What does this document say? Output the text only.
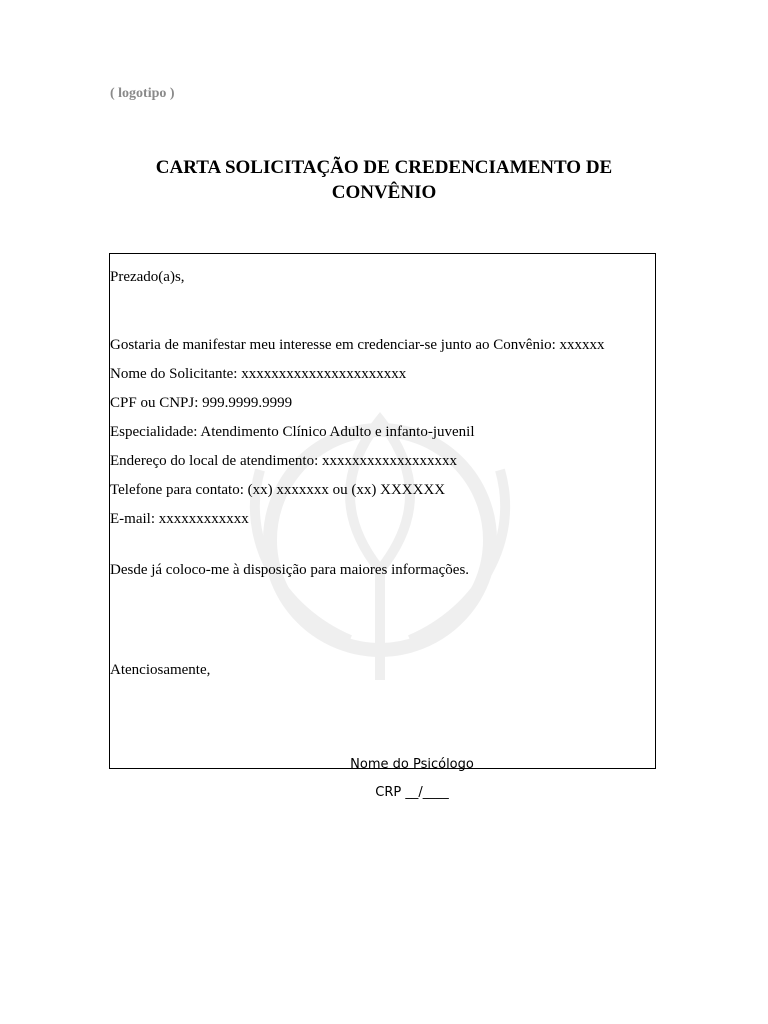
( logotipo )
CARTA SOLICITAÇÃO DE CREDENCIAMENTO DE
CONVÊNIO
Prezado(a)s,
Gostaria de manifestar meu interesse em credenciar-se junto ao Convênio: xxxxxx
Nome do Solicitante: xxxxxxxxxxxxxxxxxxxxxx
CPF ou CNPJ: 999.9999.9999
Especialidade: Atendimento Clínico Adulto e infanto-juvenil
Endereço do local de atendimento: xxxxxxxxxxxxxxxxxx
Telefone para contato: (xx) xxxxxxx ou (xx) XXXXXX
E-mail: xxxxxxxxxxxx
Desde já coloco-me à disposição para maiores informações.
Atenciosamente,
Nome do Psicólogo
CRP __/____
